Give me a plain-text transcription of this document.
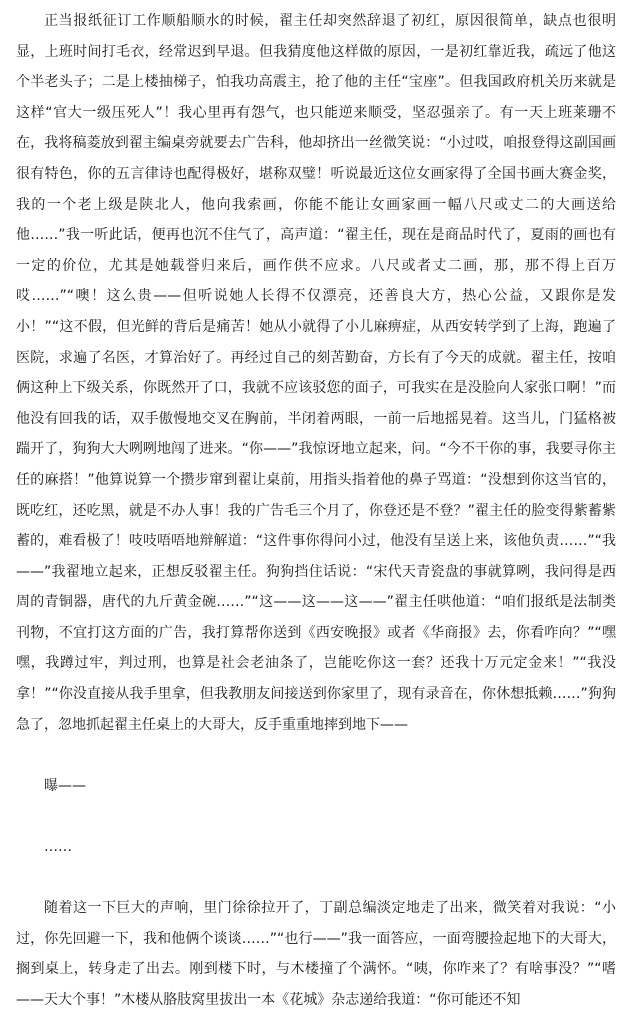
正当报纸征订工作顺船顺水的时候，翟主任却突然辞退了初红，原因很简单，缺点也很明显，上班时间打毛衣，经常迟到早退。但我猜度他这样做的原因，一是初红靠近我，疏远了他这个半老头子；二是上楼抽梯子，怕我功高震主，抢了他的主任“宝座”。但我国政府机关历来就是这样“官大一级压死人”！我心里再有怨气，也只能逆来顺受，坚忍强亲了。有一天上班莱珊不在，我将稿菱放到翟主编桌旁就要去广告科，他却挤出一丝微笑说：“小过哎，咱报登得这副国画很有特色，你的五言律诗也配得极好，堪称双璧！听说最近这位女画家得了全国书画大赛金奖，我的一个老上级是陕北人，他向我索画，你能不能让女画家画一幅八尺或丈二的大画送给他……”我一听此话，便再也沉不住气了，高声道：“翟主任，现在是商品时代了，夏雨的画也有一定的价位，尤其是她载誉归来后，画作供不应求。八尺或者丈二画，那，那不得上百万哎……”“噢！这么贵——但听说她人长得不仅漂亮，还善良大方，热心公益，又跟你是发小！”“这不假，但光鲜的背后是痛苦！她从小就得了小儿麻痹症，从西安转学到了上海，跑遍了医院，求遍了名医，才算治好了。再经过自己的刻苦勤奋，方长有了今天的成就。翟主任，按咱俩这种上下级关系，你既然开了口，我就不应该驳您的面子，可我实在是没脸向人家张口啊！”而他没有回我的话，双手傲慢地交叉在胸前，半闭着两眼，一前一后地摇晃着。这当儿，门猛格被踹开了，狗狗大大咧咧地闯了进来。“你——”我惊讶地立起来，问。“今不干你的事，我要寻你主任的麻搭！”他算说算一个攒步窜到翟让桌前，用指头指着他的鼻子骂道：“没想到你这当官的，既吃红，还吃黑，就是不办人事！我的广告毛三个月了，你登还是不登？”翟主任的脸变得紫蓄紫蓄的，难看极了！吱吱唔唔地辩解道：“这件事你得问小过，他没有呈送上来，该他负责……”“我——”我翟地立起来，正想反驳翟主任。狗狗挡住话说：“宋代天青瓷盘的事就算咧，我问得是西周的青铜器，唐代的九斤黄金碗……”“这——这——这——”翟主任哄他道：“咱们报纸是法制类刊物，不宜打这方面的广告，我打算帮你送到《西安晚报》或者《华商报》去，你看咋向？”“嘿嘿，我蹲过牢，判过刑，也算是社会老油条了，岂能吃你这一套？还我十万元定金来！”“我没拿！”“你没直接从我手里拿，但我教朋友间接送到你家里了，现有录音在，你休想抵赖……”狗狗急了，忽地抓起翟主任桌上的大哥大，反手重重地摔到地下——

曝——

……

随着这一下巨大的声响，里门徐徐拉开了，丁副总编淡定地走了出来，微笑着对我说：“小过，你先回避一下，我和他俩个谈谈……”“也行——”我一面答应，一面弯腰捡起地下的大哥大，搁到桌上，转身走了出去。刚到楼下时，与木楼撞了个满怀。“咦，你咋来了？有啥事没？”“嗜——天大个事！”木楼从胳肢窝里拔出一本《花城》杂志递给我道：“你可能还不知
